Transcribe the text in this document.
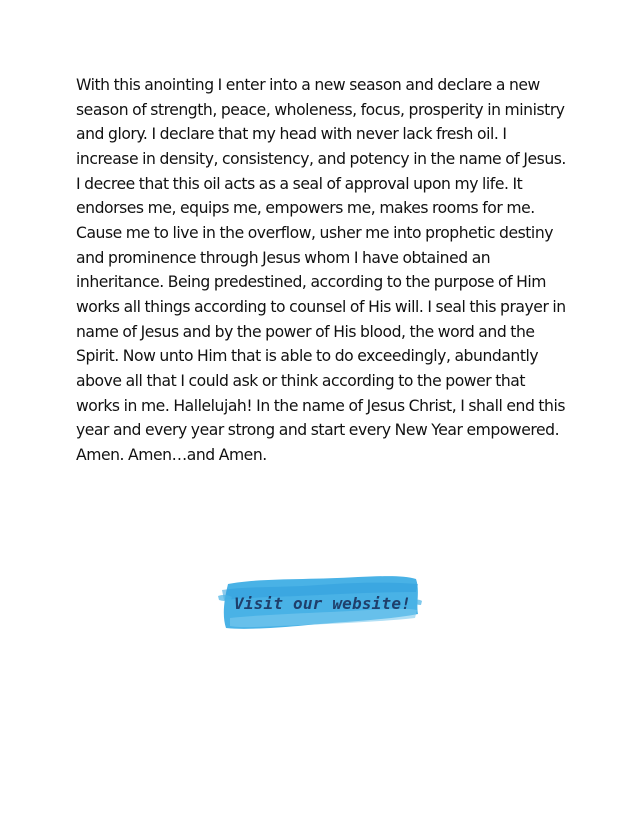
With this anointing I enter into a new season and declare a new season of strength, peace, wholeness, focus, prosperity in ministry and glory. I declare that my head with never lack fresh oil. I increase in density, consistency, and potency in the name of Jesus. I decree that this oil acts as a seal of approval upon my life. It endorses me, equips me, empowers me, makes rooms for me. Cause me to live in the overflow, usher me into prophetic destiny and prominence through Jesus whom I have obtained an inheritance. Being predestined, according to the purpose of Him works all things according to counsel of His will. I seal this prayer in name of Jesus and by the power of His blood, the word and the Spirit. Now unto Him that is able to do exceedingly, abundantly above all that I could ask or think according to the power that works in me. Hallelujah! In the name of Jesus Christ, I shall end this year and every year strong and start every New Year empowered. Amen. Amen…and Amen.

Visit our website!
